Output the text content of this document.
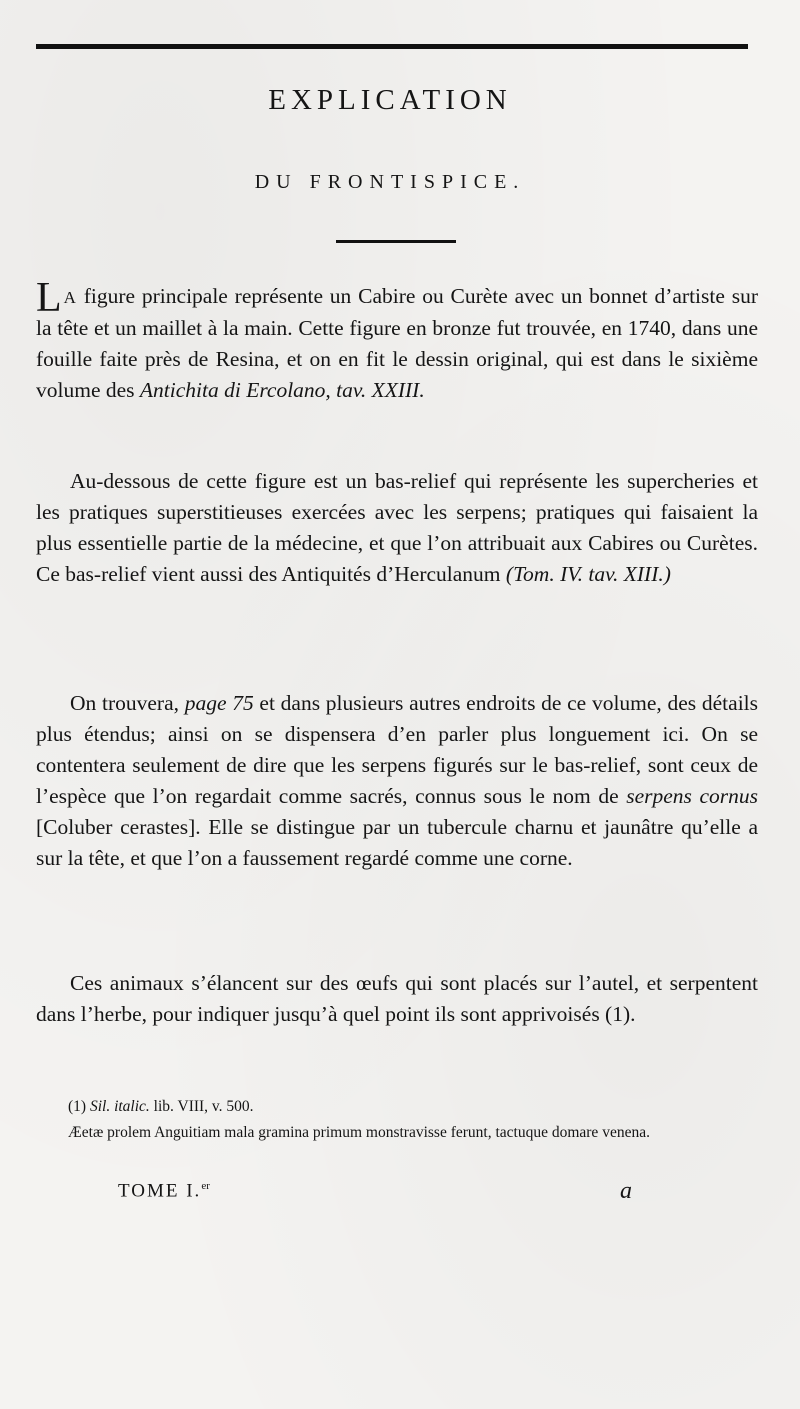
EXPLICATION
DU FRONTISPICE.

L A figure principale représente un Cabire ou Curète avec un bonnet d’artiste sur la tête et un maillet à la main. Cette figure en bronze fut trouvée, en 1740, dans une fouille faite près de Resina, et on en fit le dessin original, qui est dans le sixième volume des Antichita di Ercolano, tav. XXIII.

Au-dessous de cette figure est un bas-relief qui représente les supercheries et les pratiques superstitieuses exercées avec les serpens; pratiques qui faisaient la plus essentielle partie de la médecine, et que l’on attribuait aux Cabires ou Curètes. Ce bas-relief vient aussi des Antiquités d’Herculanum (Tom. IV. tav. XIII.)

On trouvera, page 75 et dans plusieurs autres endroits de ce volume, des détails plus étendus; ainsi on se dispensera d’en parler plus longuement ici. On se contentera seulement de dire que les serpens figurés sur le bas-relief, sont ceux de l’espèce que l’on regardait comme sacrés, connus sous le nom de serpens cornus [Coluber cerastes]. Elle se distingue par un tubercule charnu et jaunâtre qu’elle a sur la tête, et que l’on a faussement regardé comme une corne.

Ces animaux s’élancent sur des œufs qui sont placés sur l’autel, et serpentent dans l’herbe, pour indiquer jusqu’à quel point ils sont apprivoisés (1).

(1) Sil. italic. lib. VIII, v. 500.

Æetæ prolem Anguitiam mala gramina primum monstravisse ferunt, tactuque domare venena.

TOME I.$^{er}$	a
